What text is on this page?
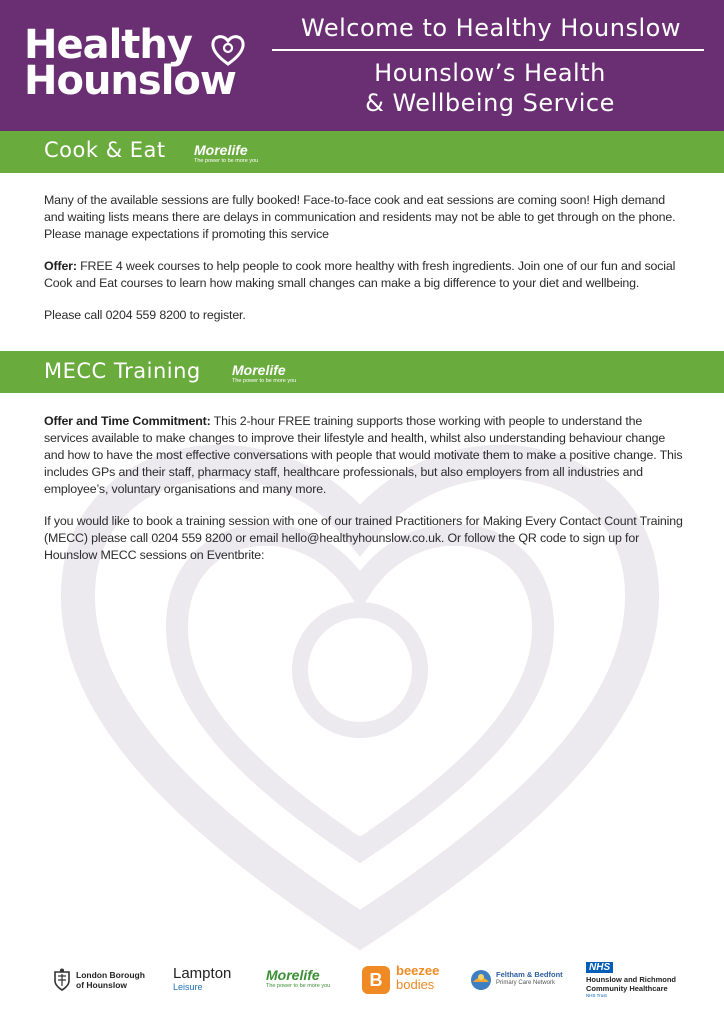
Healthy
Hounslow
Welcome to Healthy Hounslow
Hounslow’s Health
& Wellbeing Service
Cook & Eat Morelife
The power to be more you

Many of the available sessions are fully booked! Face-to-face cook and eat sessions are coming soon! High demand and waiting lists means there are delays in communication and residents may not be able to get through on the phone. Please manage expectations if promoting this service

Offer: FREE 4 week courses to help people to cook more healthy with fresh ingredients. Join one of our fun and social Cook and Eat courses to learn how making small changes can make a big difference to your diet and wellbeing.

Please call 0204 559 8200 to register.

MECC Training Morelife
The power to be more you

Offer and Time Commitment: This 2-hour FREE training supports those working with people to understand the services available to make changes to improve their lifestyle and health, whilst also understanding behaviour change and how to have the most effective conversations with people that would motivate them to make a positive change. This includes GPs and their staff, pharmacy staff, healthcare professionals, but also employers from all industries and employee’s, voluntary organisations and many more.

If you would like to book a training session with one of our trained Practitioners for Making Every Contact Count Training (MECC) please call 0204 559 8200 or email hello@healthyhounslow.co.uk. Or follow the QR code to sign up for Hounslow MECC sessions on Eventbrite:

London Borough
of Hounslow
Lampton
Leisure
Morelife
The power to be more you	B	beezee
bodies
Feltham & Bedfont
Primary Care Network
NHS
Hounslow and Richmond
Community Healthcare
NHS Trust
